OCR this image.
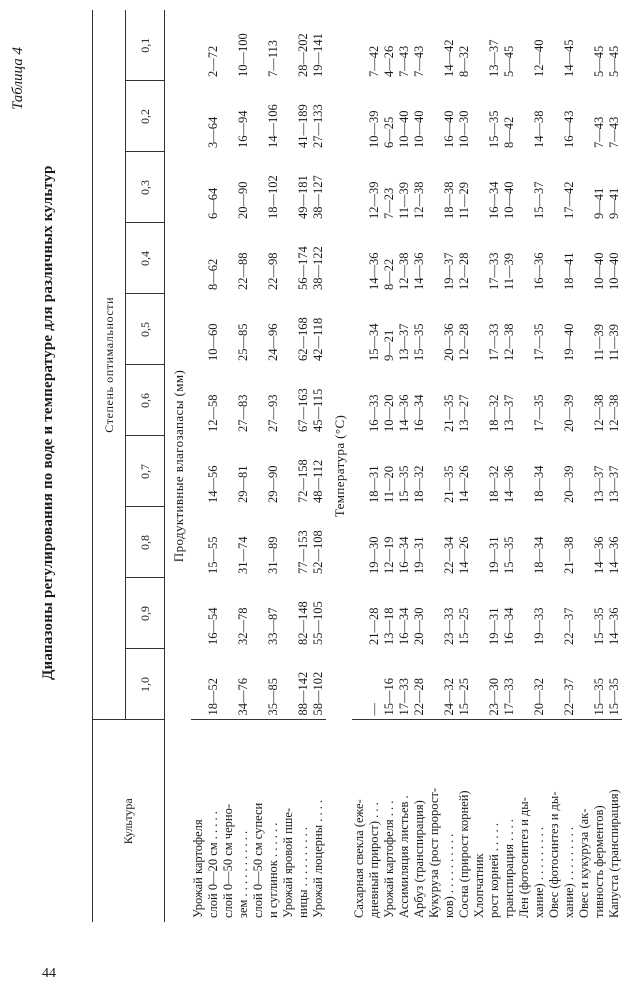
44
Таблица 4
Диапазоны регулирования по воде и температуре для различных культур
Культура	Степень оптимальности									
	1,0	0,9	0,8	0,7	0,6	0,5	0,4	0,3	0,2	0,1
Продуктивные влагозапасы (мм)										
Урожай картофеля										
слой 0—20 см . . . . .	18—52	16—54	15—55	14—56	12—58	10—60	8—62	6—64	3—64	2—72
слой 0—50 см черно-										
зем . . . . . . . . . . .	34—76	32—78	31—74	29—81	27—83	25—85	22—88	20—90	16—94	10—100
слой 0—50 см супеси										
и суглинок . . . . . .	35—85	33—87	31—89	29—90	27—93	24—96	22—98	18—102	14—106	7—113
Урожай яровой пше-										
ницы . . . . . . . . . .	88—142	82—148	77—153	72—158	67—163	62—168	56—174	49—181	41—189	28—202
Урожай люцерны . . . .	58—102	55—105	52—108	48—112	45—115	42—118	38—122	38—127	27—133	19—141
Температура (°С)										
Сахарная свекла (еже-										
дневный прирост) . . .	—	21—28	19—30	18—31	16—33	15—34	14—36	12—39	10—39	7—42
Урожай картофеля . . .	15—16	13—18	12—19	11—20	10—20	9—21	8—22	7—23	6—25	4—26
Ассимиляция листьев .	17—33	16—34	16—34	15—35	14—36	13—37	12—38	11—39	10—40	7—43
Арбуз (транспирация)	22—28	20—30	19—31	18—32	16—34	15—35	14—36	12—38	10—40	7—43
Кукуруза (рост пророст-										
ков) . . . . . . . . . .	24—32	23—33	22—34	21—35	21—35	20—36	19—37	18—38	16—40	14—42
Сосна (прирост корней)	15—25	15—25	14—26	14—26	13—27	12—28	12—28	11—29	10—30	8—32
Хлопчатник										
рост корней . . . . .	23—30	19—31	19—31	18—32	18—32	17—33	17—33	16—34	15—35	13—37
транспирация . . . .	17—33	16—34	15—35	14—36	13—37	12—38	11—39	10—40	8—42	5—45
Лен (фотосинтез и ды-										
хание) . . . . . . . . .	20—32	19—33	18—34	18—34	17—35	17—35	16—36	15—37	14—38	12—40
Овес (фотосинтез и ды-										
хание) . . . . . . . . .	22—37	22—37	21—38	20—39	20—39	19—40	18—41	17—42	16—43	14—45
Овес и кукуруза (ак-										
тивность ферментов)	15—35	15—35	14—36	13—37	12—38	11—39	10—40	9—41	7—43	5—45
Капуста (транспирация)	15—35	14—36	14—36	13—37	12—38	11—39	10—40	9—41	7—43	5—45
